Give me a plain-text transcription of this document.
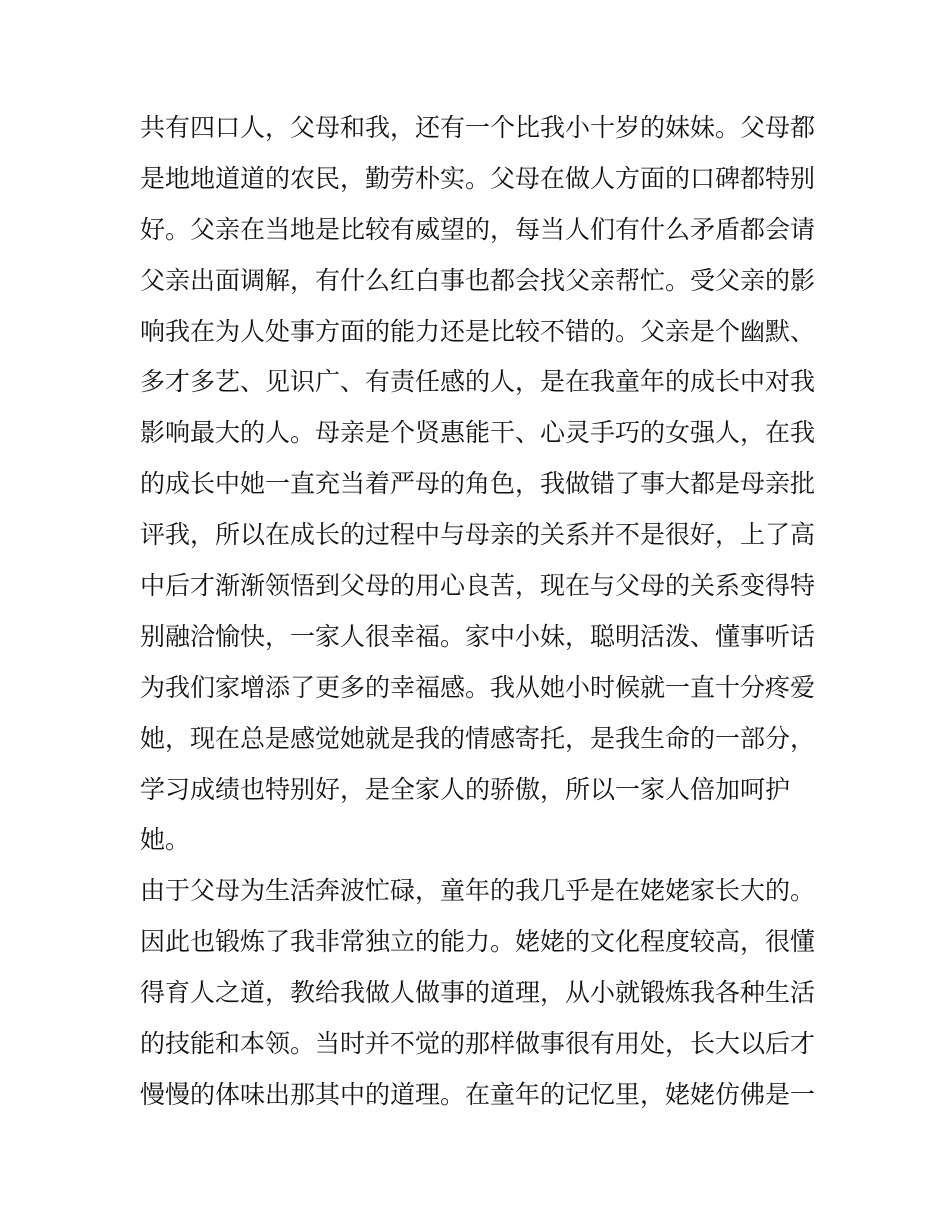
共有四口人，父母和我，还有一个比我小十岁的妹妹。父母都
是地地道道的农民，勤劳朴实。父母在做人方面的口碑都特别
好。父亲在当地是比较有威望的，每当人们有什么矛盾都会请
父亲出面调解，有什么红白事也都会找父亲帮忙。受父亲的影
响我在为人处事方面的能力还是比较不错的。父亲是个幽默、
多才多艺、见识广、有责任感的人，是在我童年的成长中对我
影响最大的人。母亲是个贤惠能干、心灵手巧的女强人，在我
的成长中她一直充当着严母的角色，我做错了事大都是母亲批
评我，所以在成长的过程中与母亲的关系并不是很好，上了高
中后才渐渐领悟到父母的用心良苦，现在与父母的关系变得特
别融洽愉快，一家人很幸福。家中小妹，聪明活泼、懂事听话
为我们家增添了更多的幸福感。我从她小时候就一直十分疼爱
她，现在总是感觉她就是我的情感寄托，是我生命的一部分，
学习成绩也特别好，是全家人的骄傲，所以一家人倍加呵护
她。
由于父母为生活奔波忙碌，童年的我几乎是在姥姥家长大的。
因此也锻炼了我非常独立的能力。姥姥的文化程度较高，很懂
得育人之道，教给我做人做事的道理，从小就锻炼我各种生活
的技能和本领。当时并不觉的那样做事很有用处，长大以后才
慢慢的体味出那其中的道理。在童年的记忆里，姥姥仿佛是一
